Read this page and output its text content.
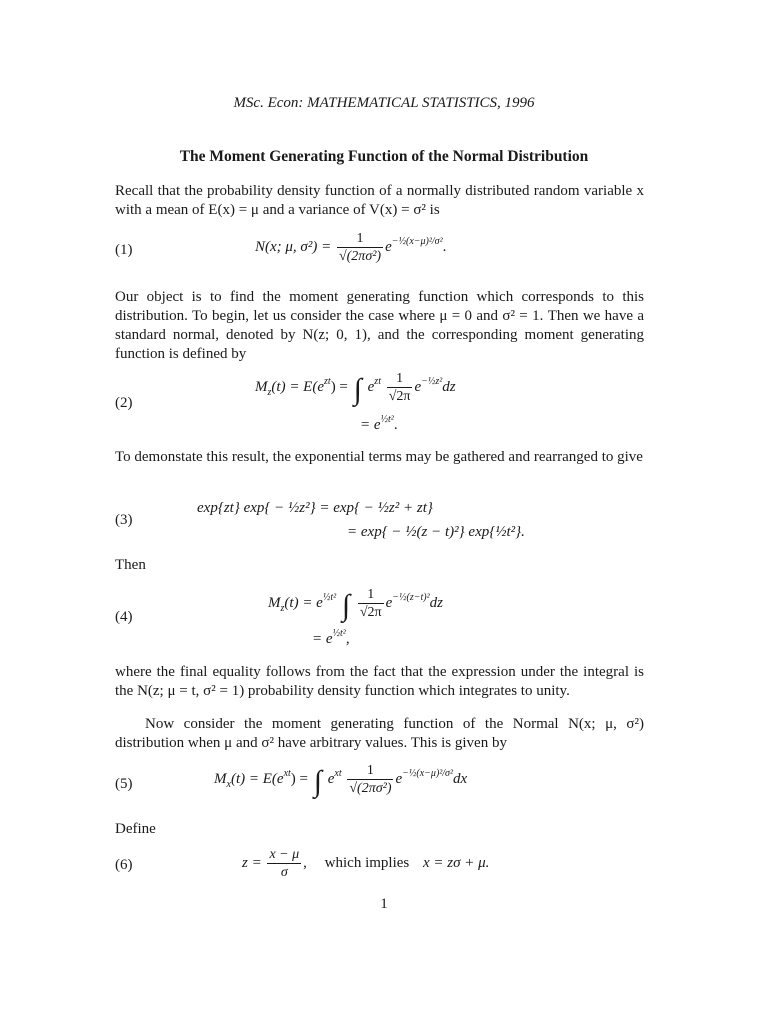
MSc. Econ: MATHEMATICAL STATISTICS, 1996
The Moment Generating Function of the Normal Distribution
Recall that the probability density function of a normally distributed random variable x with a mean of E(x) = μ and a variance of V(x) = σ² is
(1)	N(x; μ, $\sigma^2) = \frac{1}{\text{√(2πσ²)}} e^{-\frac{1}{2}(x-\mu)^2/\sigma^2}$.
Our object is to find the moment generating function which corresponds to this distribution. To begin, let us consider the case where μ = 0 and σ² = 1. Then we have a standard normal, denoted by N(z; 0, 1), and the corresponding moment generating function is defined by
(2)
$M_z(t) = E(e^{zt})$ = ∫ $e^{zt} \frac{1}{√2\pi} e^{-\frac{1}{2}z^2}dz$
= $e^{\frac{1}{2}t^2}$.
To demonstate this result, the exponential terms may be gathered and rearranged to give
(3)
exp{zt} exp{ − ½z²} = exp{ − ½z² + zt}
= exp{ − ½(z − t)²} exp{½t²}.
Then
(4)
$M_z(t) = e^{\frac{1}{2}t^2}$ ∫ $\frac{1}{√2\pi} e^{-\frac{1}{2}(z-t)^2}dz$
= $e^{\frac{1}{2}t^2}$,
where the final equality follows from the fact that the expression under the integral is the N(z; μ = t, σ² = 1) probability density function which integrates to unity.
Now consider the moment generating function of the Normal N(x; μ, σ²) distribution when μ and σ² have arbitrary values. This is given by
(5)	$M_x(t) = E(e^{xt})$ = ∫ $e^{xt} \frac{1}{\text{√(2πσ²)}} e^{-\frac{1}{2}(x-\mu)^2/\sigma^2}dx$
Define
(6)	$z = \frac{x - \mu}{\sigma}$ , which implies x = zσ + μ.
1
